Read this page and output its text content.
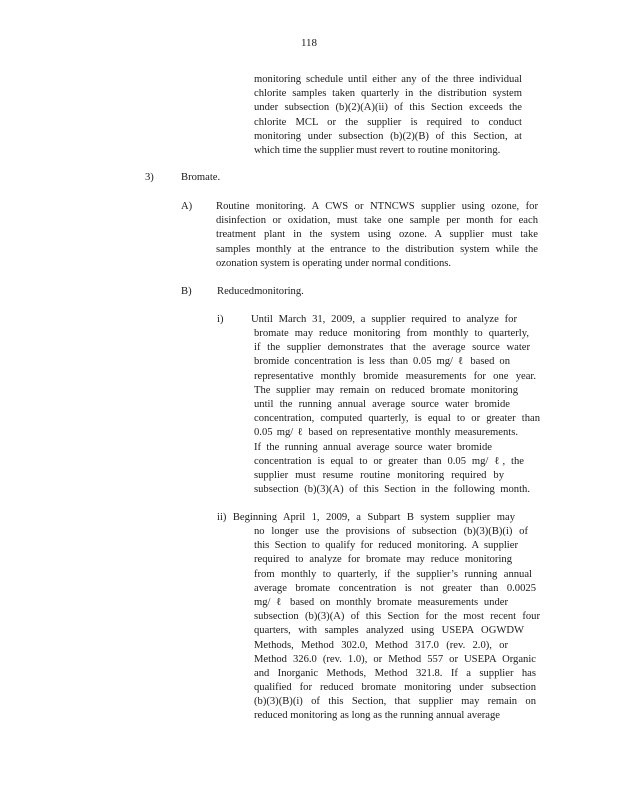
118
monitoring schedule until either any of the three individual
chlorite samples taken quarterly in the distribution system
under subsection (b)(2)(A)(ii) of this Section exceeds the
chlorite MCL or the supplier is required to conduct
monitoring under subsection (b)(2)(B) of this Section, at
which time the supplier must revert to routine monitoring.
3)	Bromate.
A) Routine monitoring. A CWS or NTNCWS supplier using ozone, for
disinfection or oxidation, must take one sample per month for each
treatment plant in the system using ozone. A supplier must take
samples monthly at the entrance to the distribution system while the
ozonation system is operating under normal conditions.
B) Reducedmonitoring.
i)	Until March 31, 2009, a supplier required to analyze for
bromate may reduce monitoring from monthly to quarterly,
if the supplier demonstrates that the average source water
bromide concentration is less than 0.05 mg/ ℓ based on
representative monthly bromide measurements for one year.
The supplier may remain on reduced bromate monitoring
until the running annual average source water bromide
concentration, computed quarterly, is equal to or greater than
0.05 mg/ ℓ based on representative monthly measurements.
If the running annual average source water bromide
concentration is equal to or greater than 0.05 mg/ ℓ, the
supplier must resume routine monitoring required by
subsection (b)(3)(A) of this Section in the following month.
ii) Beginning April 1, 2009, a Subpart B system supplier may
no longer use the provisions of subsection (b)(3)(B)(i) of
this Section to qualify for reduced monitoring. A supplier
required to analyze for bromate may reduce monitoring
from monthly to quarterly, if the supplier’s running annual
average bromate concentration is not greater than 0.0025
mg/ ℓ based on monthly bromate measurements under
subsection (b)(3)(A) of this Section for the most recent four
quarters, with samples analyzed using USEPA OGWDW
Methods, Method 302.0, Method 317.0 (rev. 2.0), or
Method 326.0 (rev. 1.0), or Method 557 or USEPA Organic
and Inorganic Methods, Method 321.8. If a supplier has
qualified for reduced bromate monitoring under subsection
(b)(3)(B)(i) of this Section, that supplier may remain on
reduced monitoring as long as the running annual average
